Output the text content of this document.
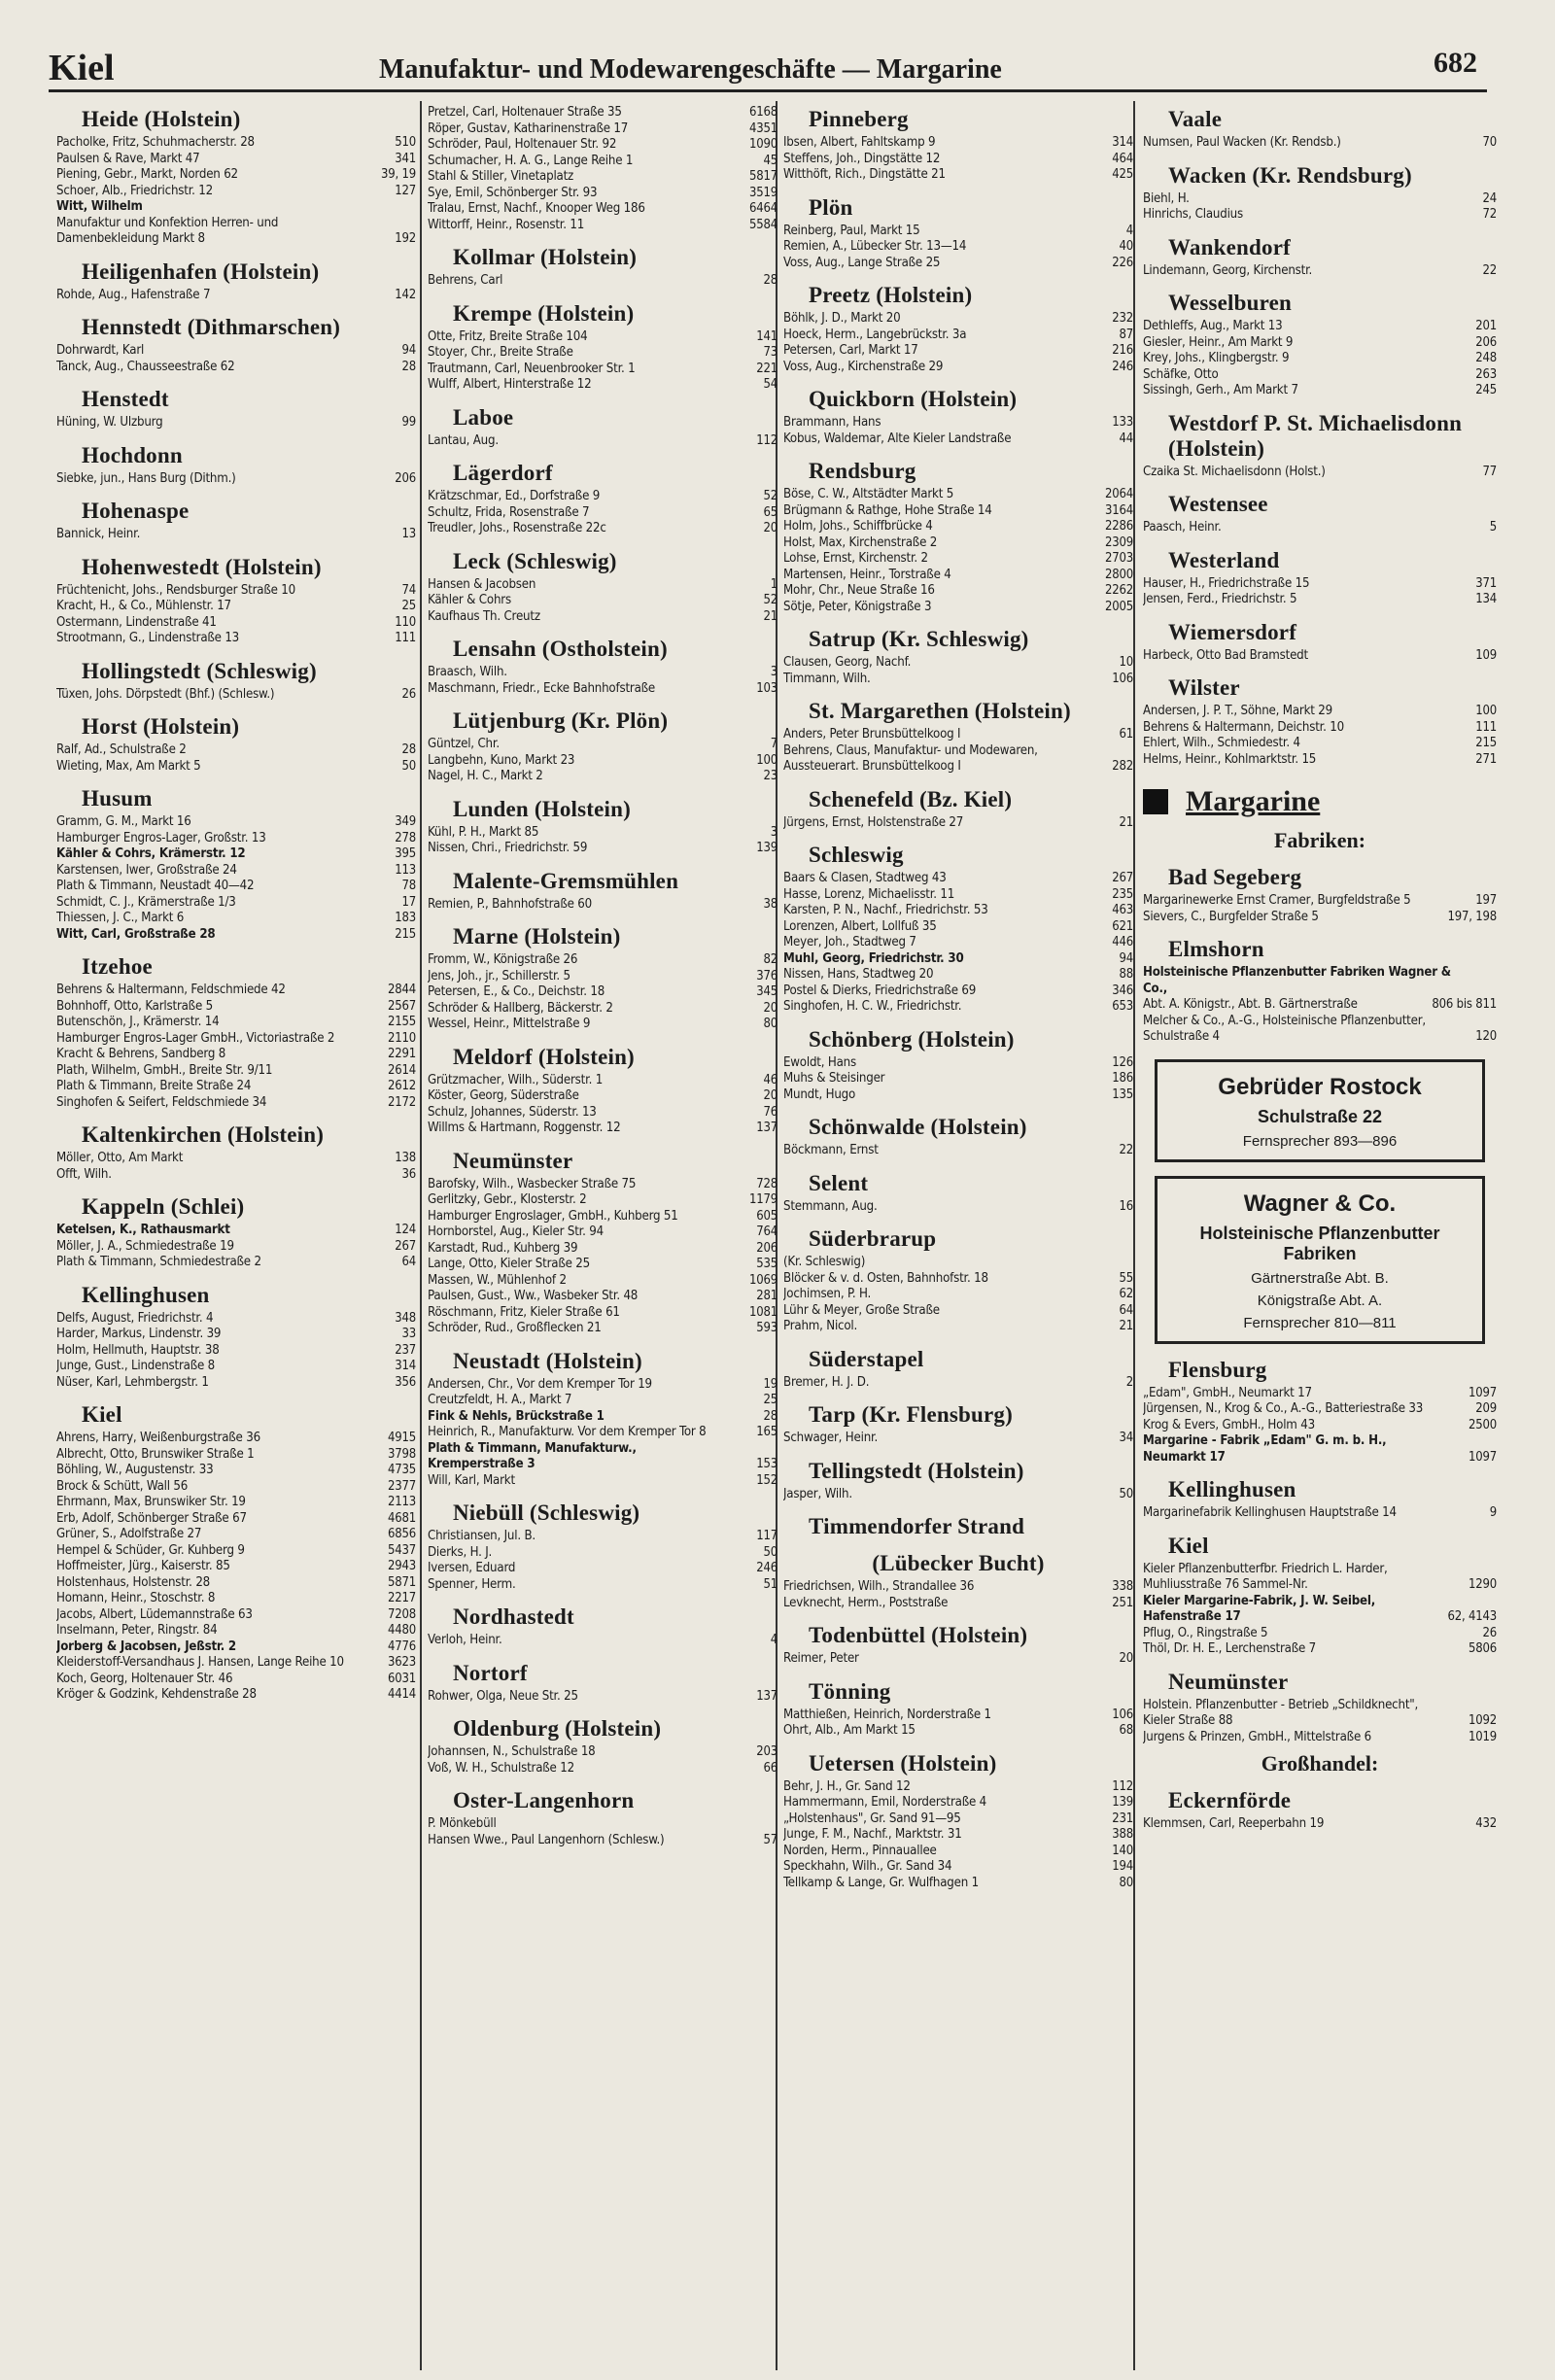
Kiel	Manufaktur- und Modewarengeschäfte — Margarine	682
Heide (Holstein)
Pacholke, Fritz, Schuhmacherstr. 28	510
Paulsen & Rave, Markt 47	341
Piening, Gebr., Markt, Norden 62	39, 19
Schoer, Alb., Friedrichstr. 12	127
Witt, Wilhelm
Manufaktur und Konfektion Herren- und Damenbekleidung Markt 8	192
Heiligenhafen (Holstein)
Rohde, Aug., Hafenstraße 7	142
Hennstedt (Dithmarschen)
Dohrwardt, Karl	94
Tanck, Aug., Chausseestraße 62	28
Henstedt
Hüning, W. Ulzburg	99
Hochdonn
Siebke, jun., Hans Burg (Dithm.)	206
Hohenaspe
Bannick, Heinr.	13
Hohenwestedt (Holstein)
Früchtenicht, Johs., Rendsburger Straße 10	74
Kracht, H., & Co., Mühlenstr. 17	25
Ostermann, Lindenstraße 41	110
Strootmann, G., Lindenstraße 13	111
Hollingstedt (Schleswig)
Tüxen, Johs. Dörpstedt (Bhf.) (Schlesw.)	26
Horst (Holstein)
Ralf, Ad., Schulstraße 2	28
Wieting, Max, Am Markt 5	50
Husum
Gramm, G. M., Markt 16	349
Hamburger Engros-Lager, Großstr. 13	278
Kähler & Cohrs, Krämerstr. 12	395
Karstensen, Iwer, Großstraße 24	113
Plath & Timmann, Neustadt 40—42	78
Schmidt, C. J., Krämerstraße 1/3	17
Thiessen, J. C., Markt 6	183
Witt, Carl, Großstraße 28	215
Itzehoe
Behrens & Haltermann, Feldschmiede 42	2844
Bohnhoff, Otto, Karlstraße 5	2567
Butenschön, J., Krämerstr. 14	2155
Hamburger Engros-Lager GmbH., Victoriastraße 2	2110
Kracht & Behrens, Sandberg 8	2291
Plath, Wilhelm, GmbH., Breite Str. 9/11	2614
Plath & Timmann, Breite Straße 24	2612
Singhofen & Seifert, Feldschmiede 34	2172
Kaltenkirchen (Holstein)
Möller, Otto, Am Markt	138
Offt, Wilh.	36
Kappeln (Schlei)
Ketelsen, K., Rathausmarkt	124
Möller, J. A., Schmiedestraße 19	267
Plath & Timmann, Schmiedestraße 2	64
Kellinghusen
Delfs, August, Friedrichstr. 4	348
Harder, Markus, Lindenstr. 39	33
Holm, Hellmuth, Hauptstr. 38	237
Junge, Gust., Lindenstraße 8	314
Nüser, Karl, Lehmbergstr. 1	356
Kiel
Ahrens, Harry, Weißenburgstraße 36	4915
Albrecht, Otto, Brunswiker Straße 1	3798
Böhling, W., Augustenstr. 33	4735
Brock & Schütt, Wall 56	2377
Ehrmann, Max, Brunswiker Str. 19	2113
Erb, Adolf, Schönberger Straße 67	4681
Grüner, S., Adolfstraße 27	6856
Hempel & Schüder, Gr. Kuhberg 9	5437
Hoffmeister, Jürg., Kaiserstr. 85	2943
Holstenhaus, Holstenstr. 28	5871
Homann, Heinr., Stoschstr. 8	2217
Jacobs, Albert, Lüdemannstraße 63	7208
Inselmann, Peter, Ringstr. 84	4480
Jorberg & Jacobsen, Jeßstr. 2	4776
Kleiderstoff-Versandhaus J. Hansen, Lange Reihe 10	3623
Koch, Georg, Holtenauer Str. 46	6031
Kröger & Godzink, Kehdenstraße 28	4414
Pretzel, Carl, Holtenauer Straße 35	6168
Röper, Gustav, Katharinenstraße 17	4351
Schröder, Paul, Holtenauer Str. 92	1090
Schumacher, H. A. G., Lange Reihe 1	45
Stahl & Stiller, Vinetaplatz	5817
Sye, Emil, Schönberger Str. 93	3519
Tralau, Ernst, Nachf., Knooper Weg 186	6464
Wittorff, Heinr., Rosenstr. 11	5584
Kollmar (Holstein)
Behrens, Carl	28
Krempe (Holstein)
Otte, Fritz, Breite Straße 104	141
Stoyer, Chr., Breite Straße	73
Trautmann, Carl, Neuenbrooker Str. 1	221
Wulff, Albert, Hinterstraße 12	54
Laboe
Lantau, Aug.	112
Lägerdorf
Krätzschmar, Ed., Dorfstraße 9	52
Schultz, Frida, Rosenstraße 7	65
Treudler, Johs., Rosenstraße 22c	20
Leck (Schleswig)
Hansen & Jacobsen	1
Kähler & Cohrs	52
Kaufhaus Th. Creutz	21
Lensahn (Ostholstein)
Braasch, Wilh.	3
Maschmann, Friedr., Ecke Bahnhofstraße	103
Lütjenburg (Kr. Plön)
Güntzel, Chr.	7
Langbehn, Kuno, Markt 23	100
Nagel, H. C., Markt 2	23
Lunden (Holstein)
Kühl, P. H., Markt 85	3
Nissen, Chri., Friedrichstr. 59	139
Malente-Gremsmühlen
Remien, P., Bahnhofstraße 60	38
Marne (Holstein)
Fromm, W., Königstraße 26	82
Jens, Joh., jr., Schillerstr. 5	376
Petersen, E., & Co., Deichstr. 18	345
Schröder & Hallberg, Bäckerstr. 2	20
Wessel, Heinr., Mittelstraße 9	80
Meldorf (Holstein)
Grützmacher, Wilh., Süderstr. 1	46
Köster, Georg, Süderstraße	20
Schulz, Johannes, Süderstr. 13	76
Willms & Hartmann, Roggenstr. 12	137
Neumünster
Barofsky, Wilh., Wasbecker Straße 75	728
Gerlitzky, Gebr., Klosterstr. 2	1179
Hamburger Engroslager, GmbH., Kuhberg 51	605
Hornborstel, Aug., Kieler Str. 94	764
Karstadt, Rud., Kuhberg 39	206
Lange, Otto, Kieler Straße 25	535
Massen, W., Mühlenhof 2	1069
Paulsen, Gust., Ww., Wasbeker Str. 48	281
Röschmann, Fritz, Kieler Straße 61	1081
Schröder, Rud., Großflecken 21	593
Neustadt (Holstein)
Andersen, Chr., Vor dem Kremper Tor 19	19
Creutzfeldt, H. A., Markt 7	25
Fink & Nehls, Brückstraße 1	28
Heinrich, R., Manufakturw. Vor dem Kremper Tor 8	165
Plath & Timmann, Manufakturw., Kremperstraße 3	153
Will, Karl, Markt	152
Niebüll (Schleswig)
Christiansen, Jul. B.	117
Dierks, H. J.	50
Iversen, Eduard	246
Spenner, Herm.	51
Nordhastedt
Verloh, Heinr.	4
Nortorf
Rohwer, Olga, Neue Str. 25	137
Oldenburg (Holstein)
Johannsen, N., Schulstraße 18	203
Voß, W. H., Schulstraße 12	66
Oster-Langenhorn
P. Mönkebüll
Hansen Wwe., Paul Langenhorn (Schlesw.)	57
Pinneberg
Ibsen, Albert, Fahltskamp 9	314
Steffens, Joh., Dingstätte 12	464
Witthöft, Rich., Dingstätte 21	425
Plön
Reinberg, Paul, Markt 15	4
Remien, A., Lübecker Str. 13—14	40
Voss, Aug., Lange Straße 25	226
Preetz (Holstein)
Böhlk, J. D., Markt 20	232
Hoeck, Herm., Langebrückstr. 3a	87
Petersen, Carl, Markt 17	216
Voss, Aug., Kirchenstraße 29	246
Quickborn (Holstein)
Brammann, Hans	133
Kobus, Waldemar, Alte Kieler Landstraße	44
Rendsburg
Böse, C. W., Altstädter Markt 5	2064
Brügmann & Rathge, Hohe Straße 14	3164
Holm, Johs., Schiffbrücke 4	2286
Holst, Max, Kirchenstraße 2	2309
Lohse, Ernst, Kirchenstr. 2	2703
Martensen, Heinr., Torstraße 4	2800
Mohr, Chr., Neue Straße 16	2262
Sötje, Peter, Königstraße 3	2005
Satrup (Kr. Schleswig)
Clausen, Georg, Nachf.	10
Timmann, Wilh.	106
St. Margarethen (Holstein)
Anders, Peter Brunsbüttelkoog I	61
Behrens, Claus, Manufaktur- und Modewaren, Aussteuerart. Brunsbüttelkoog I	282
Schenefeld (Bz. Kiel)
Jürgens, Ernst, Holstenstraße 27	21
Schleswig
Baars & Clasen, Stadtweg 43	267
Hasse, Lorenz, Michaelisstr. 11	235
Karsten, P. N., Nachf., Friedrichstr. 53	463
Lorenzen, Albert, Lollfuß 35	621
Meyer, Joh., Stadtweg 7	446
Muhl, Georg, Friedrichstr. 30	94
Nissen, Hans, Stadtweg 20	88
Postel & Dierks, Friedrichstraße 69	346
Singhofen, H. C. W., Friedrichstr.	653
Schönberg (Holstein)
Ewoldt, Hans	126
Muhs & Steisinger	186
Mundt, Hugo	135
Schönwalde (Holstein)
Böckmann, Ernst	22
Selent
Stemmann, Aug.	16
Süderbrarup
(Kr. Schleswig)
Blöcker & v. d. Osten, Bahnhofstr. 18	55
Jochimsen, P. H.	62
Lühr & Meyer, Große Straße	64
Prahm, Nicol.	21
Süderstapel
Bremer, H. J. D.	2
Tarp (Kr. Flensburg)
Schwager, Heinr.	34
Tellingstedt (Holstein)
Jasper, Wilh.	50
Timmendorfer Strand
(Lübecker Bucht)
Friedrichsen, Wilh., Strandallee 36	338
Levknecht, Herm., Poststraße	251
Todenbüttel (Holstein)
Reimer, Peter	20
Tönning
Matthießen, Heinrich, Norderstraße 1	106
Ohrt, Alb., Am Markt 15	68
Uetersen (Holstein)
Behr, J. H., Gr. Sand 12	112
Hammermann, Emil, Norderstraße 4	139
„Holstenhaus", Gr. Sand 91—95	231
Junge, F. M., Nachf., Marktstr. 31	388
Norden, Herm., Pinnauallee	140
Speckhahn, Wilh., Gr. Sand 34	194
Tellkamp & Lange, Gr. Wulfhagen 1	80
Vaale
Numsen, Paul Wacken (Kr. Rendsb.)	70
Wacken (Kr. Rendsburg)
Biehl, H.	24
Hinrichs, Claudius	72
Wankendorf
Lindemann, Georg, Kirchenstr.	22
Wesselburen
Dethleffs, Aug., Markt 13	201
Giesler, Heinr., Am Markt 9	206
Krey, Johs., Klingbergstr. 9	248
Schäfke, Otto	263
Sissingh, Gerh., Am Markt 7	245
Westdorf P. St. Michaelisdonn (Holstein)
Czaika St. Michaelisdonn (Holst.)	77
Westensee
Paasch, Heinr.	5
Westerland
Hauser, H., Friedrichstraße 15	371
Jensen, Ferd., Friedrichstr. 5	134
Wiemersdorf
Harbeck, Otto Bad Bramstedt	109
Wilster
Andersen, J. P. T., Söhne, Markt 29	100
Behrens & Haltermann, Deichstr. 10	111
Ehlert, Wilh., Schmiedestr. 4	215
Helms, Heinr., Kohlmarktstr. 15	271
Margarine
Fabriken:
Bad Segeberg
Margarinewerke Ernst Cramer, Burgfeldstraße 5	197
Sievers, C., Burgfelder Straße 5	197, 198
Elmshorn
Holsteinische Pflanzenbutter Fabriken Wagner & Co.,
Abt. A. Königstr., Abt. B. Gärtnerstraße	806 bis 811
Melcher & Co., A.-G., Holsteinische Pflanzenbutter, Schulstraße 4	120
Gebrüder Rostock
Schulstraße 22
Fernsprecher 893—896
Wagner & Co.
Holsteinische Pflanzenbutter Fabriken
Gärtnerstraße Abt. B.
Königstraße Abt. A.
Fernsprecher 810—811
Flensburg
„Edam", GmbH., Neumarkt 17	1097
Jürgensen, N., Krog & Co., A.-G., Batteriestraße 33	209
Krog & Evers, GmbH., Holm 43	2500
Margarine - Fabrik „Edam" G. m. b. H., Neumarkt 17	1097
Kellinghusen
Margarinefabrik Kellinghusen Hauptstraße 14	9
Kiel
Kieler Pflanzenbutterfbr. Friedrich L. Harder, Muhliusstraße 76 Sammel-Nr.	1290
Kieler Margarine-Fabrik, J. W. Seibel, Hafenstraße 17	62, 4143
Pflug, O., Ringstraße 5	26
Thöl, Dr. H. E., Lerchenstraße 7	5806
Neumünster
Holstein. Pflanzenbutter - Betrieb „Schildknecht", Kieler Straße 88	1092
Jurgens & Prinzen, GmbH., Mittelstraße 6	1019
Großhandel:
Eckernförde
Klemmsen, Carl, Reeperbahn 19	432
